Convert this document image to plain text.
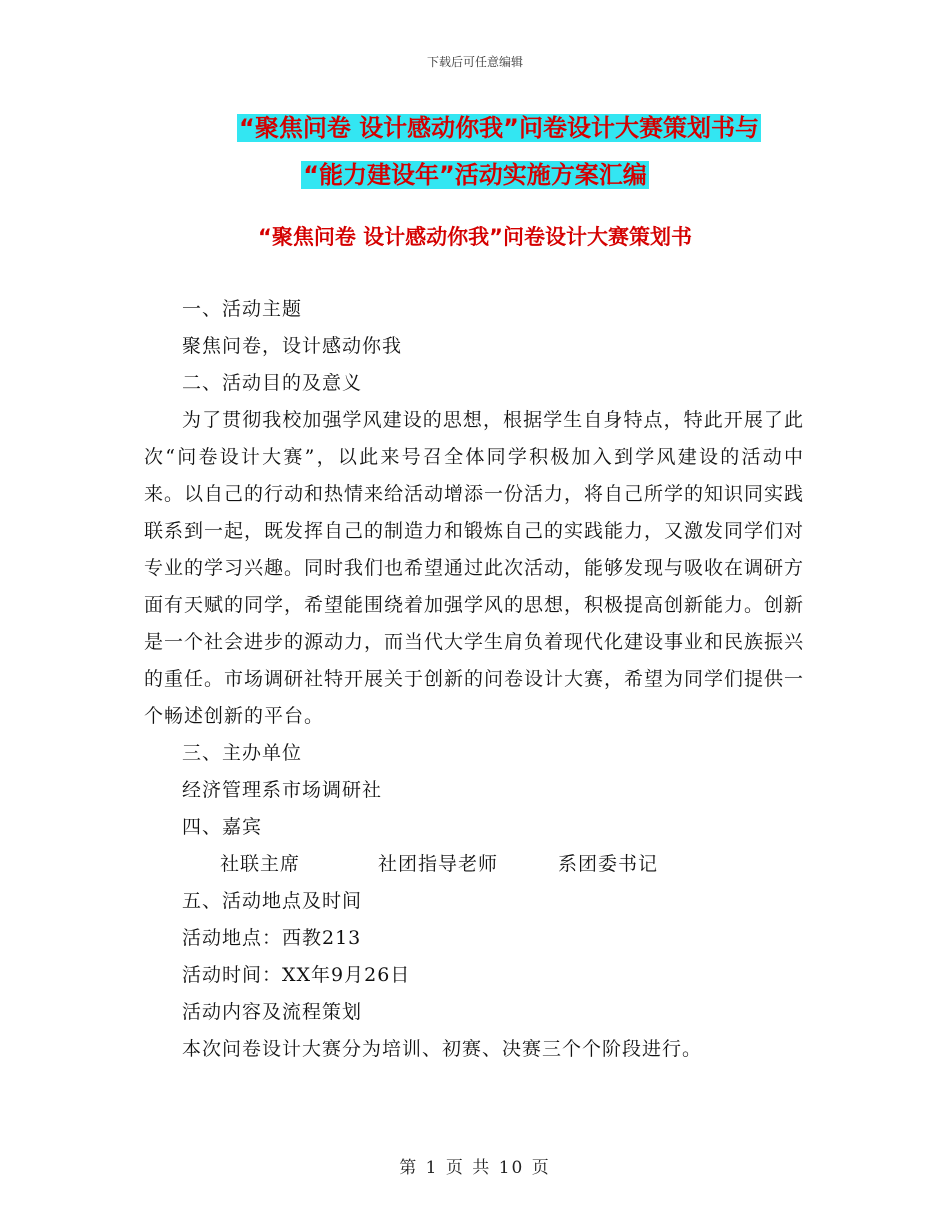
下载后可任意编辑
“聚焦问卷 设计感动你我”问卷设计大赛策划书与
“能力建设年”活动实施方案汇编
“聚焦问卷 设计感动你我”问卷设计大赛策划书

一、活动主题

聚焦问卷，设计感动你我

二、活动目的及意义

为了贯彻我校加强学风建设的思想，根据学生自身特点，特此开展了此次“问卷设计大赛”，以此来号召全体同学积极加入到学风建设的活动中来。以自己的行动和热情来给活动增添一份活力，将自己所学的知识同实践联系到一起，既发挥自己的制造力和锻炼自己的实践能力，又激发同学们对专业的学习兴趣。同时我们也希望通过此次活动，能够发现与吸收在调研方面有天赋的同学，希望能围绕着加强学风的思想，积极提高创新能力。创新是一个社会进步的源动力，而当代大学生肩负着现代化建设事业和民族振兴的重任。市场调研社特开展关于创新的问卷设计大赛，希望为同学们提供一个畅述创新的平台。

三、主办单位

经济管理系市场调研社

四、嘉宾

社联主席	社团指导老师	系团委书记

五、活动地点及时间

活动地点：西教213

活动时间：XX年9月26日

活动内容及流程策划

本次问卷设计大赛分为培训、初赛、决赛三个个阶段进行。

第 1 页 共 10 页
